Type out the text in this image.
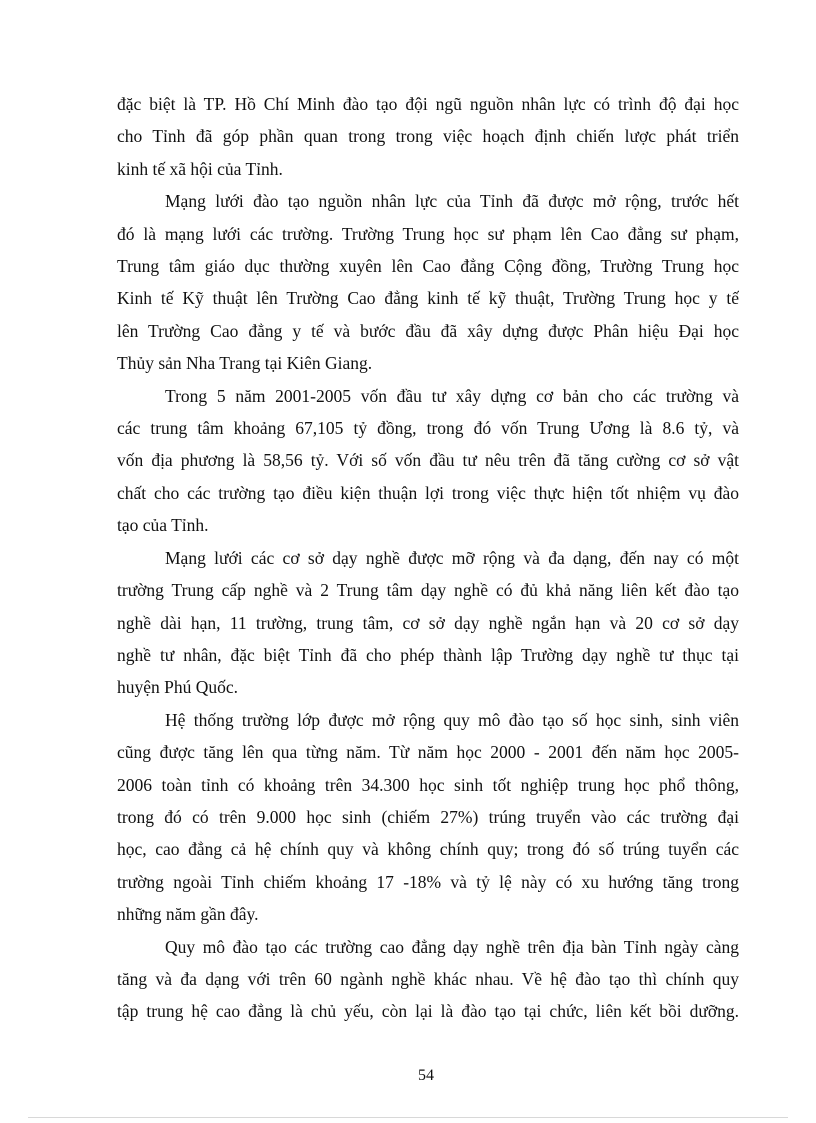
đặc biệt là TP. Hồ Chí Minh đào tạo đội ngũ nguồn nhân lực có trình độ đại học
cho Tỉnh đã góp phần quan trong trong việc hoạch định chiến lược phát triển
kinh tế xã hội của Tỉnh.

Mạng lưới đào tạo nguồn nhân lực của Tỉnh đã được mở rộng, trước hết
đó là mạng lưới các trường. Trường Trung học sư phạm lên Cao đẳng sư phạm,
Trung tâm giáo dục thường xuyên lên Cao đẳng Cộng đồng, Trường Trung học
Kinh tế Kỹ thuật lên Trường Cao đẳng kinh tế kỹ thuật, Trường Trung học y tế
lên Trường Cao đẳng y tế và bước đầu đã xây dựng được Phân hiệu Đại học
Thủy sản Nha Trang tại Kiên Giang.

Trong 5 năm 2001-2005 vốn đầu tư xây dựng cơ bản cho các trường và
các trung tâm khoảng 67,105 tỷ đồng, trong đó vốn Trung Ương là 8.6 tỷ, và
vốn địa phương là 58,56 tỷ. Với số vốn đầu tư nêu trên đã tăng cường cơ sở vật
chất cho các trường tạo điều kiện thuận lợi trong việc thực hiện tốt nhiệm vụ đào
tạo của Tỉnh.

Mạng lưới các cơ sở dạy nghề được mỡ rộng và đa dạng, đến nay có một
trường Trung cấp nghề và 2 Trung tâm dạy nghề có đủ khả năng liên kết đào tạo
nghề dài hạn, 11 trường, trung tâm, cơ sở dạy nghề ngắn hạn và 20 cơ sở dạy
nghề tư nhân, đặc biệt Tỉnh đã cho phép thành lập Trường dạy nghề tư thục tại
huyện Phú Quốc.

Hệ thống trường lớp được mở rộng quy mô đào tạo số học sinh, sinh viên
cũng được tăng lên qua từng năm. Từ năm học 2000 - 2001 đến năm học 2005-
2006 toàn tỉnh có khoảng trên 34.300 học sinh tốt nghiệp trung học phổ thông,
trong đó có trên 9.000 học sinh (chiếm 27%) trúng truyển vào các trường đại
học, cao đẳng cả hệ chính quy và không chính quy; trong đó số trúng tuyển các
trường ngoài Tỉnh chiếm khoảng 17 -18% và tỷ lệ này có xu hướng tăng trong
những năm gần đây.

Quy mô đào tạo các trường cao đẳng dạy nghề trên địa bàn Tỉnh ngày càng
tăng và đa dạng với trên 60 ngành nghề khác nhau. Về hệ đào tạo thì chính quy
tập trung hệ cao đẳng là chủ yếu, còn lại là đào tạo tại chức, liên kết bồi dưỡng.

54
